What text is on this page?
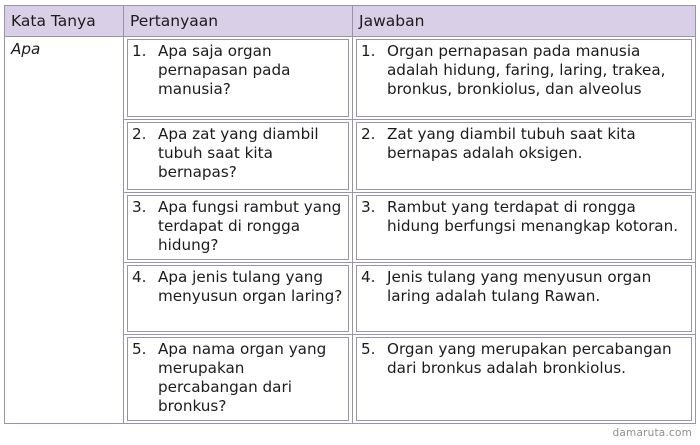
Kata Tanya	Pertanyaan	Jawaban
Apa	1. Apa saja organ pernapasan pada manusia?	1. Organ pernapasan pada manusia adalah hidung, faring, laring, trakea, bronkus, bronkiolus, dan alveolus

	2. Apa zat yang diambil tubuh saat kita bernapas?	2. Zat yang diambil tubuh saat kita bernapas adalah oksigen.

	3. Apa fungsi rambut yang terdapat di rongga hidung?	3. Rambut yang terdapat di rongga hidung berfungsi menangkap kotoran.

	4. Apa jenis tulang yang menyusun organ laring?	4. Jenis tulang yang menyusun organ laring adalah tulang Rawan.

	5. Apa nama organ yang merupakan percabangan dari bronkus?	5. Organ yang merupakan percabangan dari bronkus adalah bronkiolus.
damaruta.com
